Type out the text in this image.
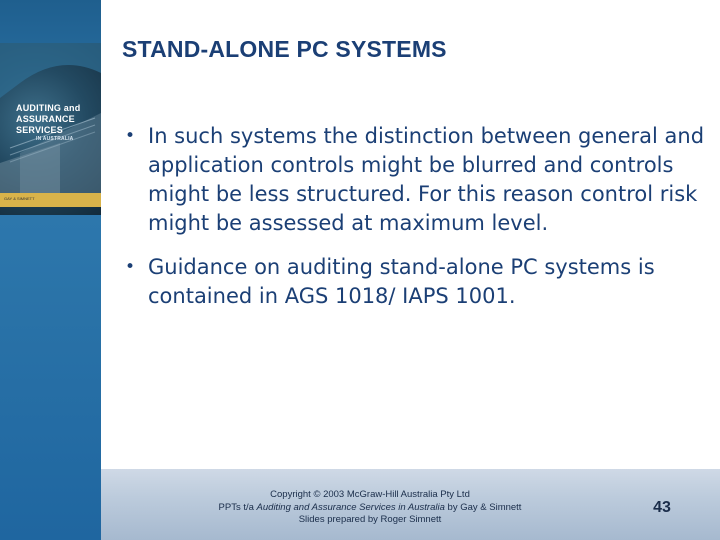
AUDITING and
ASSURANCE
SERVICES
IN AUSTRALIA
GAY & SIMNETT
STAND-ALONE PC SYSTEMS
• In such systems the distinction between general and application controls might be blurred and controls might be less structured. For this reason control risk might be assessed at maximum level.
• Guidance on auditing stand-alone PC systems is contained in AGS 1018/ IAPS 1001.
Copyright © 2003 McGraw-Hill Australia Pty Ltd
PPTs t/a Auditing and Assurance Services in Australia by Gay & Simnett
Slides prepared by Roger Simnett
43
